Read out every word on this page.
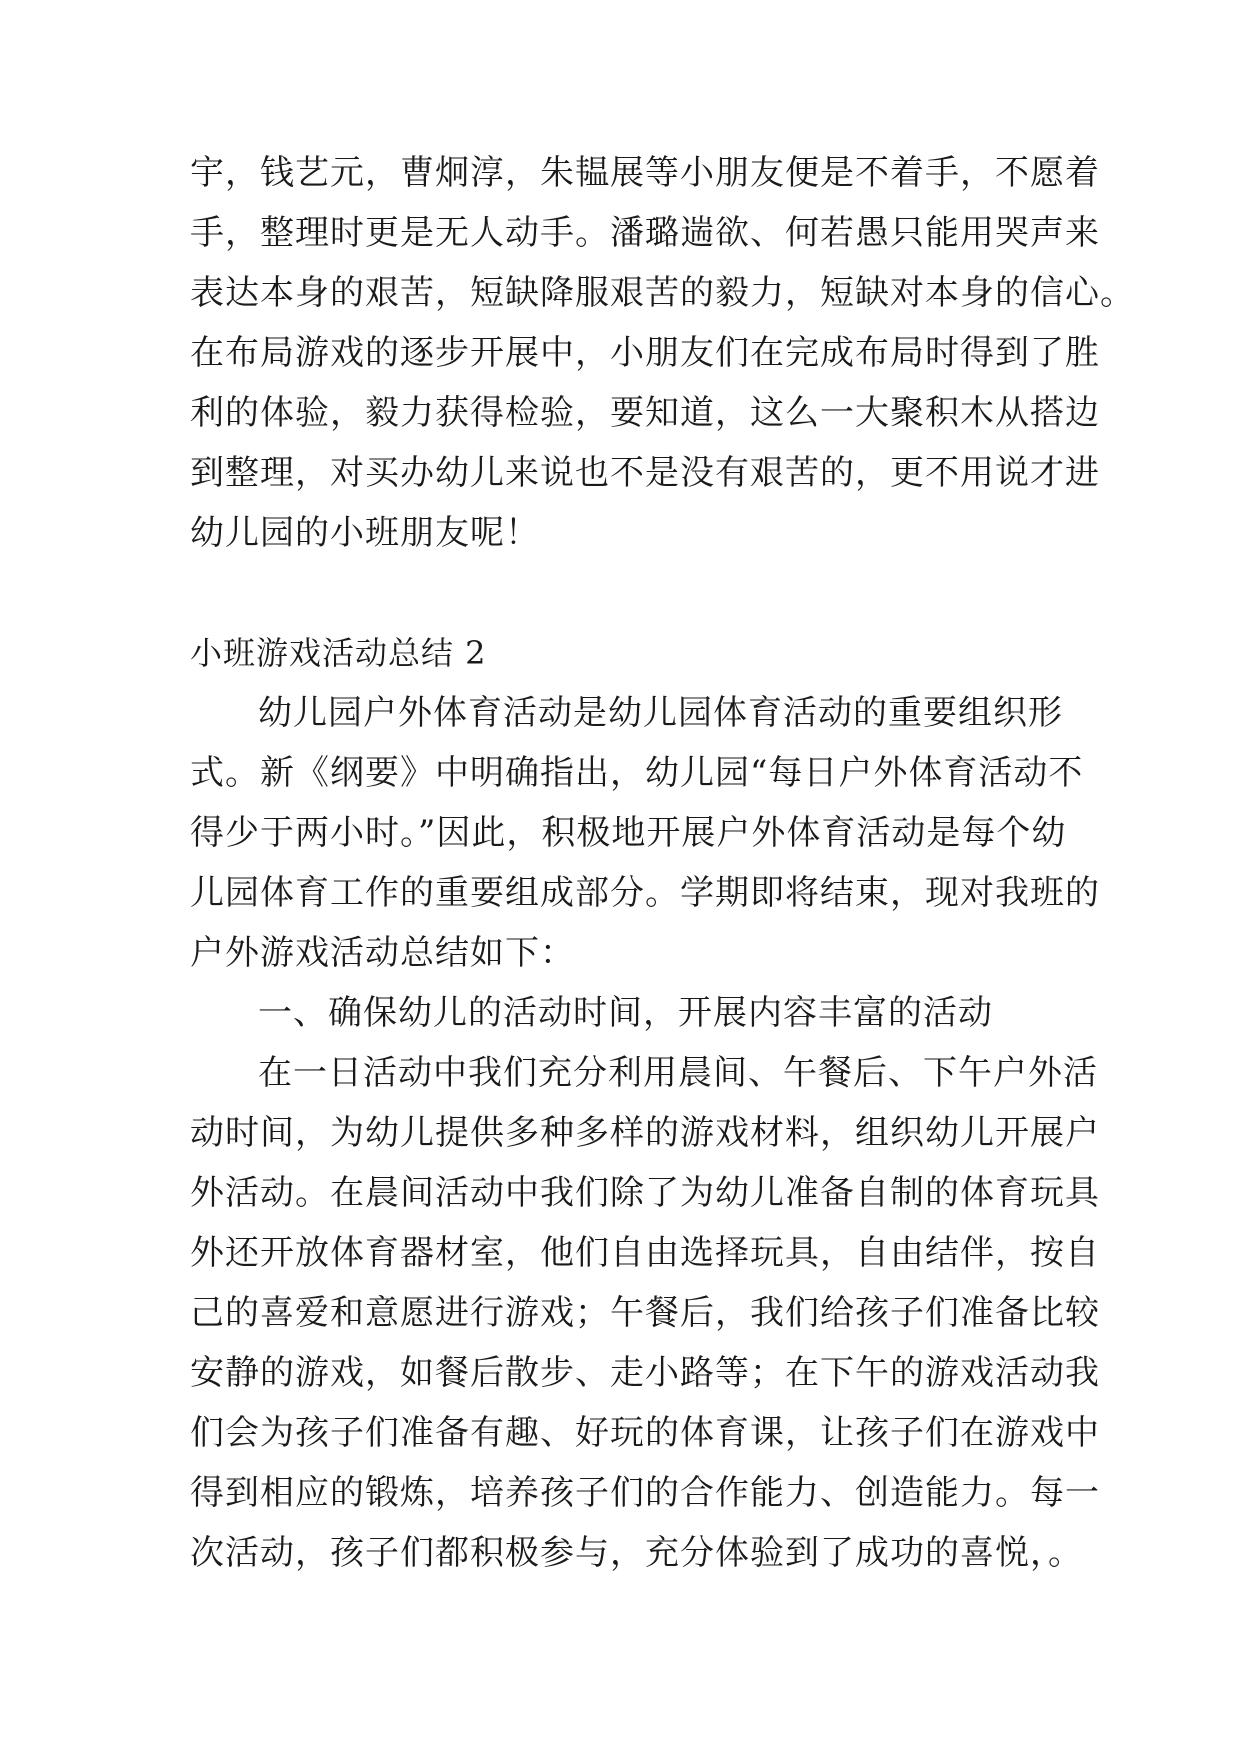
宇，钱艺元，曹炯淳，朱韫展等小朋友便是不着手，不愿着
手，整理时更是无人动手。潘璐遄欲、何若愚只能用哭声来
表达本身的艰苦，短缺降服艰苦的毅力，短缺对本身的信心。
在布局游戏的逐步开展中，小朋友们在完成布局时得到了胜
利的体验，毅力获得检验，要知道，这么一大聚积木从搭边
到整理，对买办幼儿来说也不是没有艰苦的，更不用说才进
幼儿园的小班朋友呢！
小班游戏活动总结 2
幼儿园户外体育活动是幼儿园体育活动的重要组织形
式。新《纲要》中明确指出，幼儿园“每日户外体育活动不
得少于两小时。”因此，积极地开展户外体育活动是每个幼
儿园体育工作的重要组成部分。学期即将结束，现对我班的
户外游戏活动总结如下：
一、确保幼儿的活动时间，开展内容丰富的活动
在一日活动中我们充分利用晨间、午餐后、下午户外活
动时间，为幼儿提供多种多样的游戏材料，组织幼儿开展户
外活动。在晨间活动中我们除了为幼儿准备自制的体育玩具
外还开放体育器材室，他们自由选择玩具，自由结伴，按自
己的喜爱和意愿进行游戏；午餐后，我们给孩子们准备比较
安静的游戏，如餐后散步、走小路等；在下午的游戏活动我
们会为孩子们准备有趣、好玩的体育课，让孩子们在游戏中
得到相应的锻炼，培养孩子们的合作能力、创造能力。每一
次活动，孩子们都积极参与，充分体验到了成功的喜悦，。
